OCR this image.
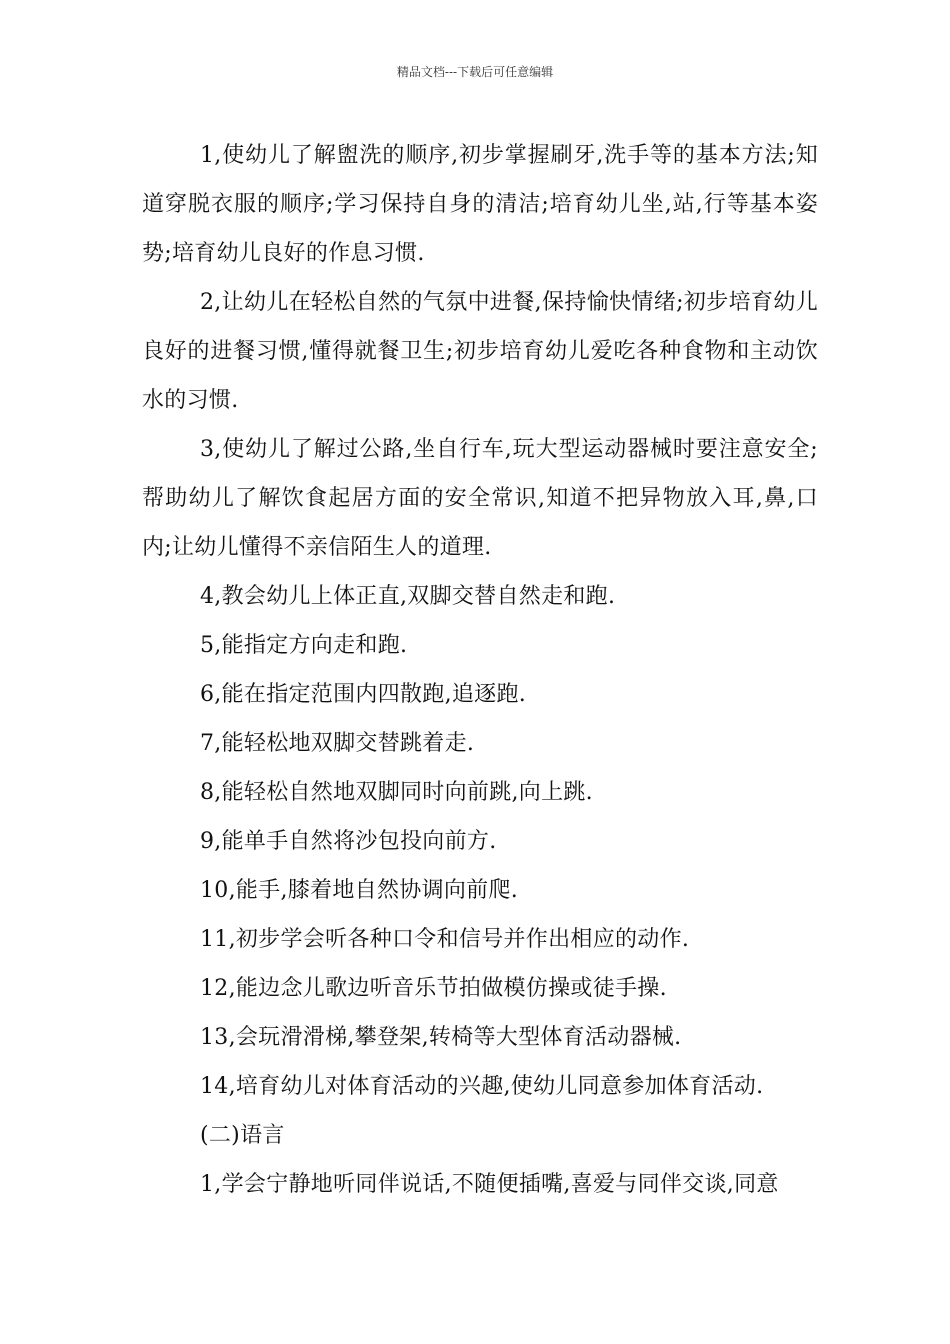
精品文档---下载后可任意编辑

1,使幼儿了解盥洗的顺序,初步掌握刷牙,洗手等的基本方法;知道穿脱衣服的顺序;学习保持自身的清洁;培育幼儿坐,站,行等基本姿势;培育幼儿良好的作息习惯.

2,让幼儿在轻松自然的气氛中进餐,保持愉快情绪;初步培育幼儿良好的进餐习惯,懂得就餐卫生;初步培育幼儿爱吃各种食物和主动饮水的习惯.

3,使幼儿了解过公路,坐自行车,玩大型运动器械时要注意安全;帮助幼儿了解饮食起居方面的安全常识,知道不把异物放入耳,鼻,口内;让幼儿懂得不亲信陌生人的道理.

4,教会幼儿上体正直,双脚交替自然走和跑.

5,能指定方向走和跑.

6,能在指定范围内四散跑,追逐跑.

7,能轻松地双脚交替跳着走.

8,能轻松自然地双脚同时向前跳,向上跳.

9,能单手自然将沙包投向前方.

10,能手,膝着地自然协调向前爬.

11,初步学会听各种口令和信号并作出相应的动作.

12,能边念儿歌边听音乐节拍做模仿操或徒手操.

13,会玩滑滑梯,攀登架,转椅等大型体育活动器械.

14,培育幼儿对体育活动的兴趣,使幼儿同意参加体育活动.

(二)语言

1,学会宁静地听同伴说话,不随便插嘴,喜爱与同伴交谈,同意
